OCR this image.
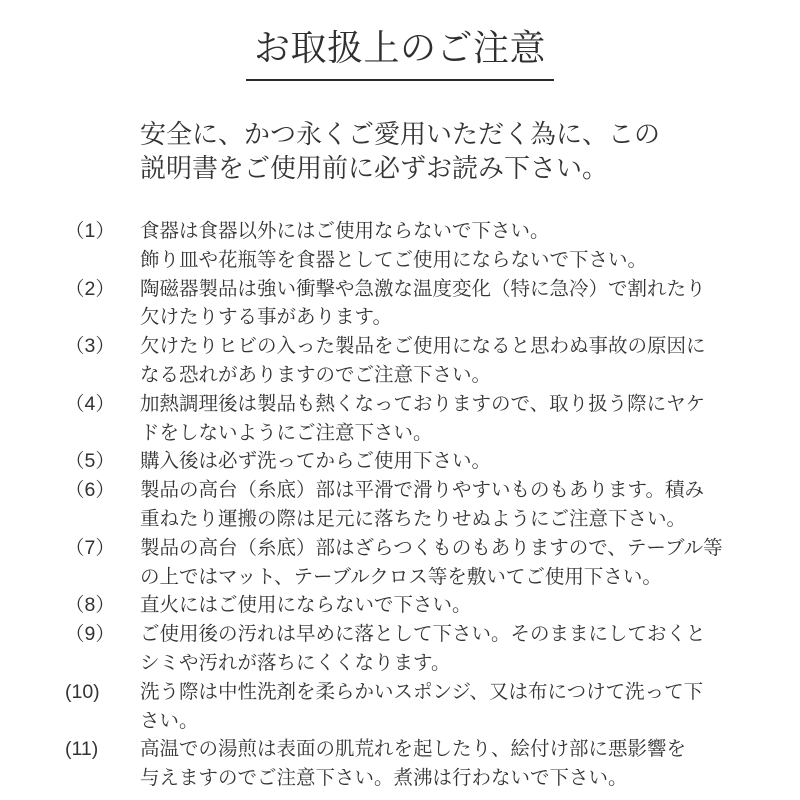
お取扱上のご注意

安全に、かつ永くご愛用いただく為に、この
説明書をご使用前に必ずお読み下さい。

（1）	食器は食器以外にはご使用ならないで下さい。
飾り皿や花瓶等を食器としてご使用にならないで下さい。
（2）	陶磁器製品は強い衝撃や急激な温度変化（特に急冷）で割れたり
欠けたりする事があります。
（3）	欠けたりヒビの入った製品をご使用になると思わぬ事故の原因に
なる恐れがありますのでご注意下さい。
（4）	加熱調理後は製品も熱くなっておりますので、取り扱う際にヤケ
ドをしないようにご注意下さい。
（5）	購入後は必ず洗ってからご使用下さい。
（6）	製品の高台（糸底）部は平滑で滑りやすいものもあります。積み
重ねたり運搬の際は足元に落ちたりせぬようにご注意下さい。
（7）	製品の高台（糸底）部はざらつくものもありますので、テーブル等
の上ではマット、テーブルクロス等を敷いてご使用下さい。
（8）	直火にはご使用にならないで下さい。
（9）	ご使用後の汚れは早めに落として下さい。そのままにしておくと
シミや汚れが落ちにくくなります。
(10)	洗う際は中性洗剤を柔らかいスポンジ、又は布につけて洗って下
さい。
(11)	高温での湯煎は表面の肌荒れを起したり、絵付け部に悪影響を
与えますのでご注意下さい。煮沸は行わないで下さい。
